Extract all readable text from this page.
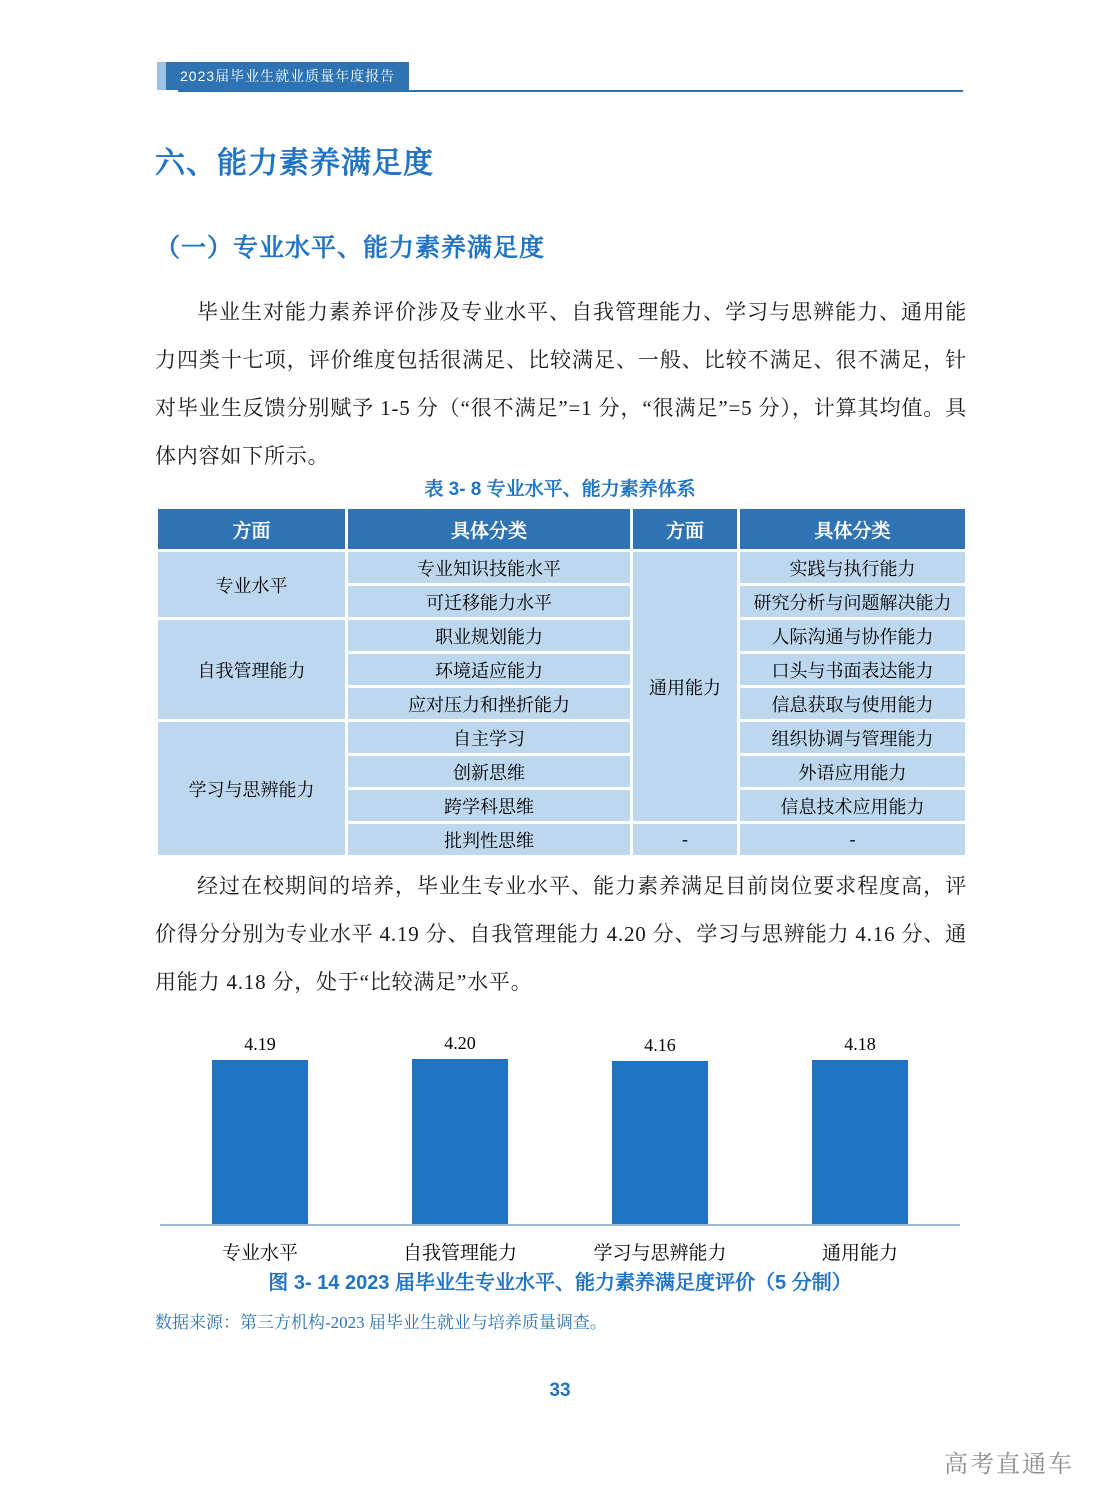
2023届毕业生就业质量年度报告
六、能力素养满足度
（一）专业水平、能力素养满足度

毕业生对能力素养评价涉及专业水平、自我管理能力、学习与思辨能力、通用能力四类十七项，评价维度包括很满足、比较满足、一般、比较不满足、很不满足，针对毕业生反馈分别赋予 1-5 分（“很不满足”=1 分，“很满足”=5 分），计算其均值。具体内容如下所示。

表 3- 8 专业水平、能力素养体系
方面	具体分类	方面	具体分类
专业水平	专业知识技能水平	通用能力	实践与执行能力
	可迁移能力水平		研究分析与问题解决能力
自我管理能力	职业规划能力		人际沟通与协作能力
	环境适应能力		口头与书面表达能力
	应对压力和挫折能力		信息获取与使用能力
学习与思辨能力	自主学习		组织协调与管理能力
	创新思维		外语应用能力
	跨学科思维		信息技术应用能力
	批判性思维	-	-

经过在校期间的培养，毕业生专业水平、能力素养满足目前岗位要求程度高，评价得分分别为专业水平 4.19 分、自我管理能力 4.20 分、学习与思辨能力 4.16 分、通用能力 4.18 分，处于“比较满足”水平。

4.19	4.20	4.16	4.18
专业水平	自我管理能力	学习与思辨能力	通用能力
图 3- 14 2023 届毕业生专业水平、能力素养满足度评价（5 分制）
数据来源：第三方机构-2023 届毕业生就业与培养质量调查。
33
高考直通车
